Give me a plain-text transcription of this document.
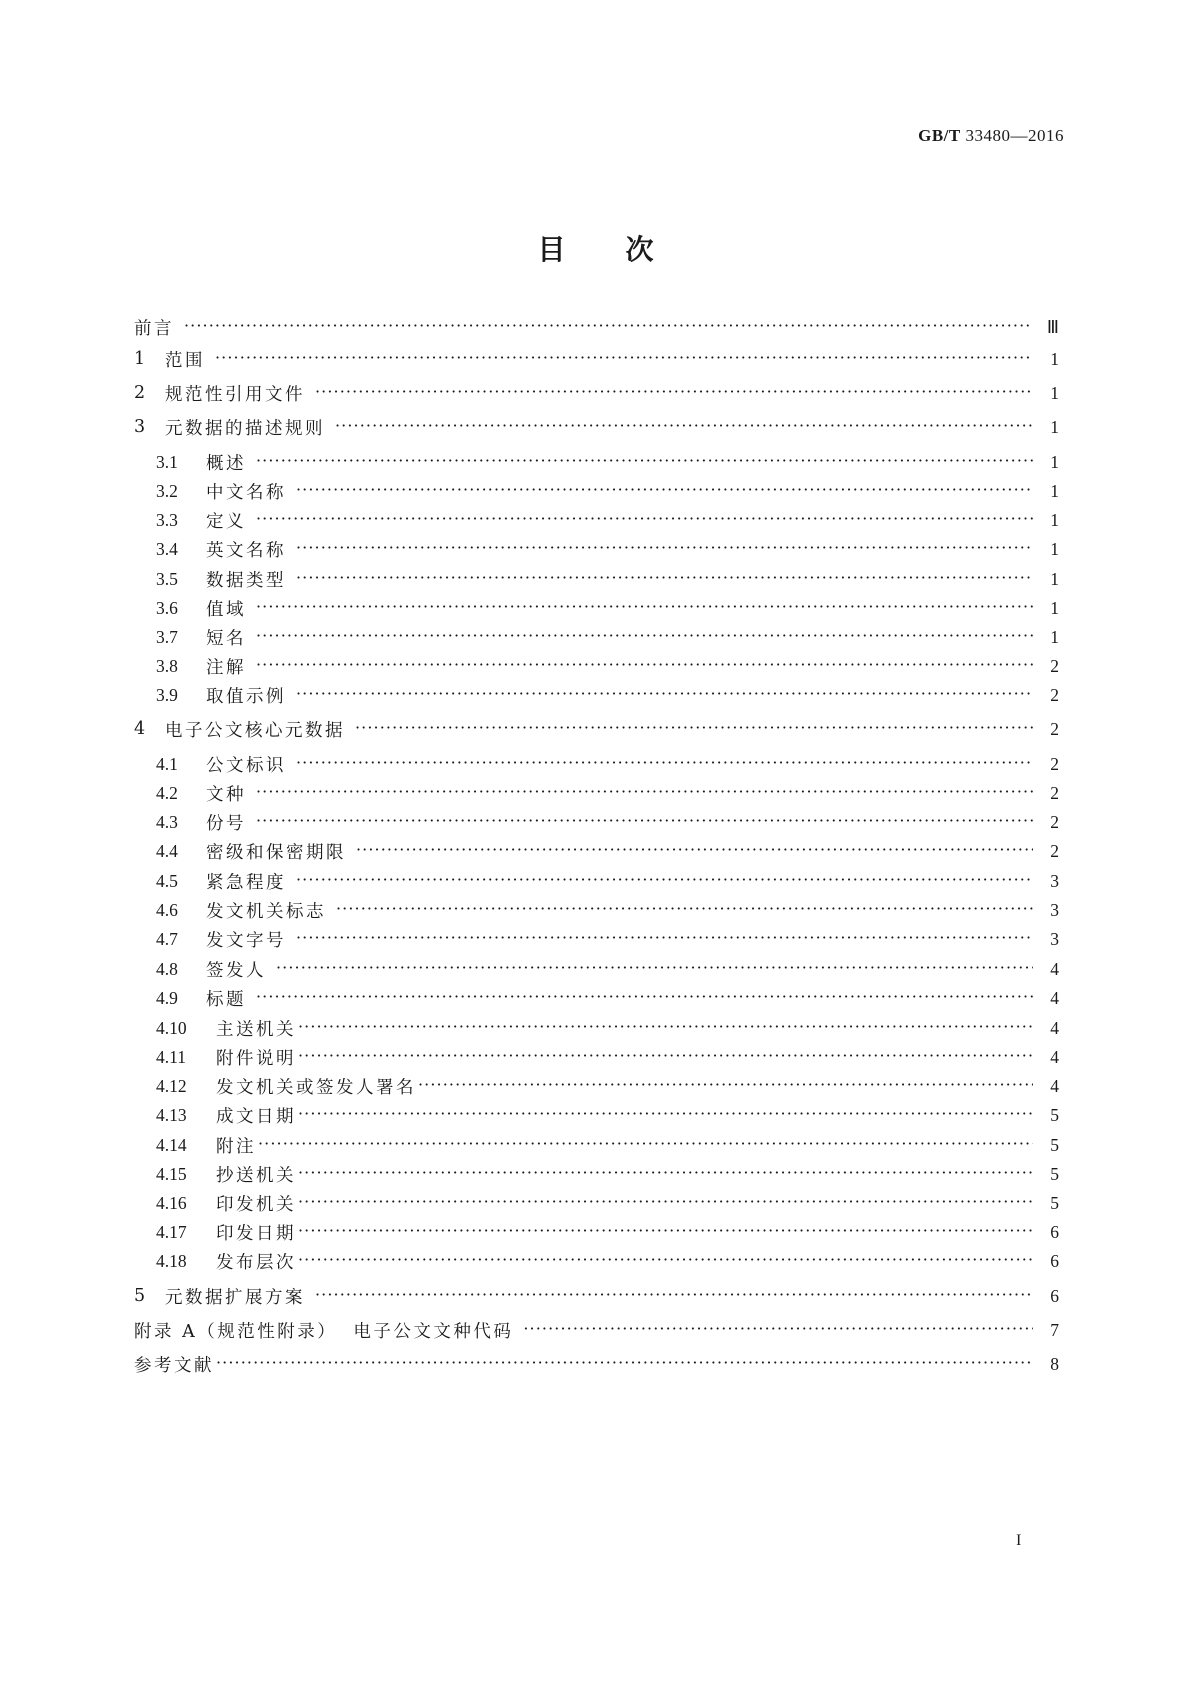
GB/T 33480—2016
目次
前言 ·····	Ⅲ
1	范围 ·····	1
2	规范性引用文件 ·····	1
3	元数据的描述规则 ·····	1
3.1	概述 ·····	1
3.2	中文名称 ·····	1
3.3	定义 ·····	1
3.4	英文名称 ·····	1
3.5	数据类型 ·····	1
3.6	值域 ·····	1
3.7	短名 ·····	1
3.8	注解 ·····	2
3.9	取值示例 ·····	2
4	电子公文核心元数据 ·····	2
4.1	公文标识 ·····	2
4.2	文种 ·····	2
4.3	份号 ·····	2
4.4	密级和保密期限 ·····	2
4.5	紧急程度 ·····	3
4.6	发文机关标志 ·····	3
4.7	发文字号 ·····	3
4.8	签发人 ·····	4
4.9	标题 ·····	4
4.10	主送机关 ·····	4
4.11	附件说明 ·····	4
4.12	发文机关或签发人署名 ·····	4
4.13	成文日期 ·····	5
4.14	附注 ·····	5
4.15	抄送机关 ·····	5
4.16	印发机关 ·····	5
4.17	印发日期 ·····	6
4.18	发布层次 ·····	6
5	元数据扩展方案 ·····	6
附录 A（规范性附录）  电子公文文种代码 ·····	7
参考文献 ·····	8
I
